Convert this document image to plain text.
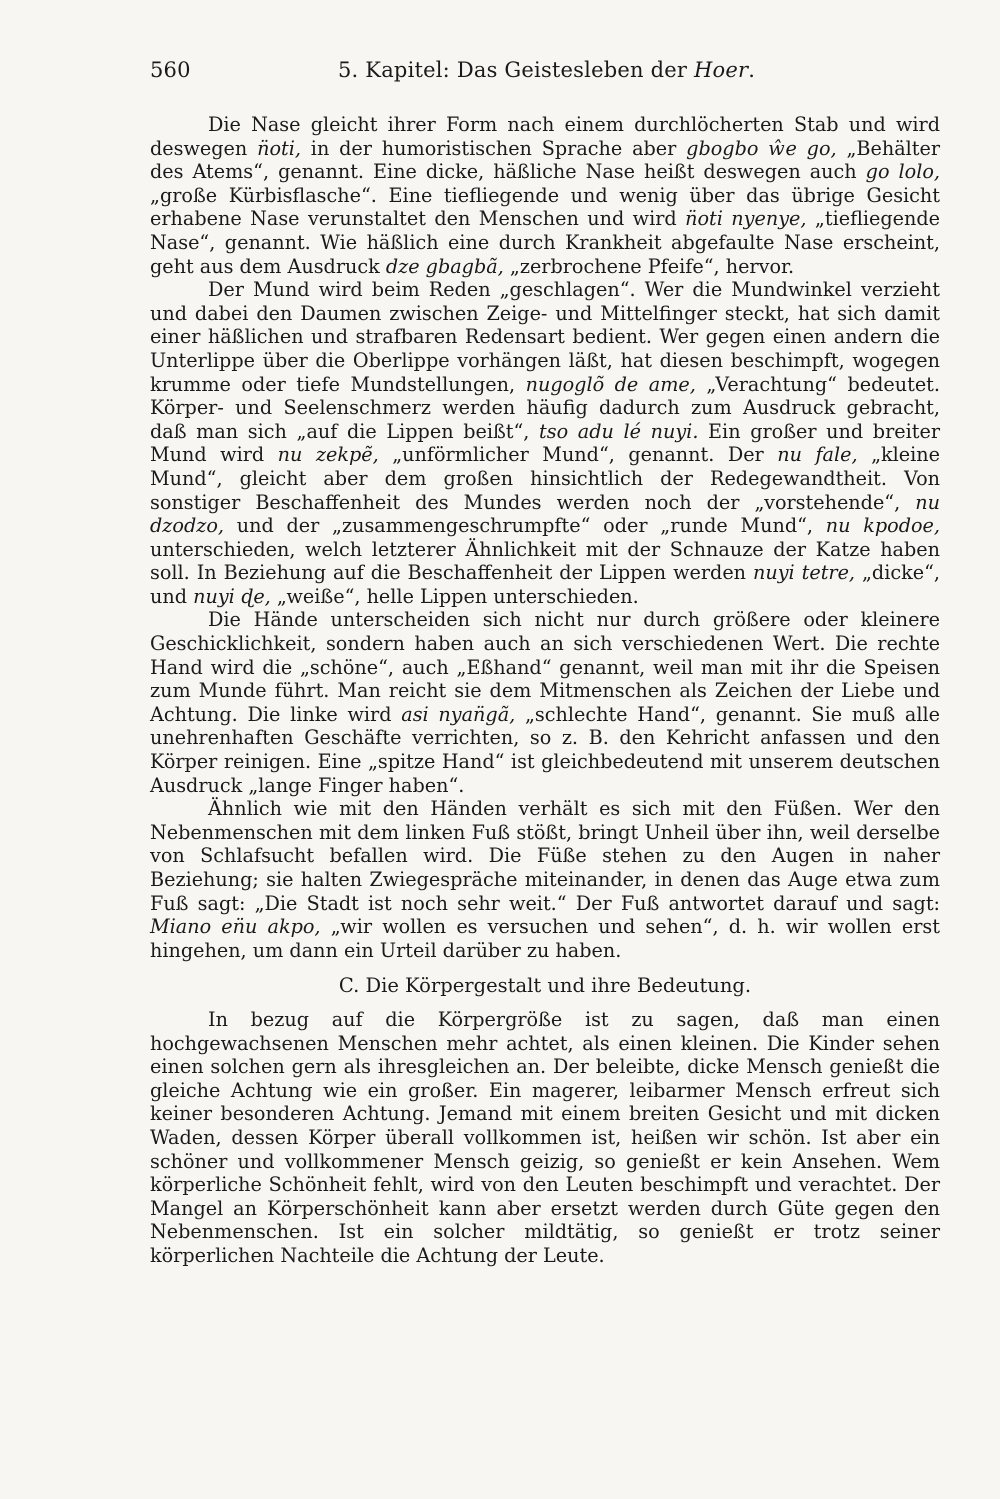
560	5. Kapitel: Das Geistesleben der Hoer.

Die Nase gleicht ihrer Form nach einem durchlöcherten Stab und wird deswegen n̈oti, in der humoristischen Sprache aber gbogbo ŵe go, „Behälter des Atems“, genannt. Eine dicke, häßliche Nase heißt deswegen auch go lolo, „große Kürbisflasche“. Eine tiefliegende und wenig über das übrige Gesicht erhabene Nase verunstaltet den Menschen und wird n̈oti nyenye, „tiefliegende Nase“, genannt. Wie häßlich eine durch Krankheit abgefaulte Nase erscheint, geht aus dem Ausdruck dze gbagbã, „zerbrochene Pfeife“, hervor.

Der Mund wird beim Reden „geschlagen“. Wer die Mundwinkel verzieht und dabei den Daumen zwischen Zeige- und Mittelfinger steckt, hat sich damit einer häßlichen und strafbaren Redensart bedient. Wer gegen einen andern die Unterlippe über die Oberlippe vorhängen läßt, hat diesen beschimpft, wogegen krumme oder tiefe Mundstellungen, nugoglõ de ame, „Verachtung“ bedeutet. Körper- und Seelenschmerz werden häufig dadurch zum Ausdruck gebracht, daß man sich „auf die Lippen beißt“, tso adu lé nuyi. Ein großer und breiter Mund wird nu zekpẽ, „unförmlicher Mund“, genannt. Der nu fale, „kleine Mund“, gleicht aber dem großen hinsichtlich der Redegewandtheit. Von sonstiger Beschaffenheit des Mundes werden noch der „vorstehende“, nu dzodzo, und der „zusammengeschrumpfte“ oder „runde Mund“, nu kpodoe, unterschieden, welch letzterer Ähnlichkeit mit der Schnauze der Katze haben soll. In Beziehung auf die Beschaffenheit der Lippen werden nuyi tetre, „dicke“, und nuyi ɖe, „weiße“, helle Lippen unterschieden.

Die Hände unterscheiden sich nicht nur durch größere oder kleinere Geschicklichkeit, sondern haben auch an sich verschiedenen Wert. Die rechte Hand wird die „schöne“, auch „Eßhand“ genannt, weil man mit ihr die Speisen zum Munde führt. Man reicht sie dem Mitmenschen als Zeichen der Liebe und Achtung. Die linke wird asi nyan̈gã, „schlechte Hand“, genannt. Sie muß alle unehrenhaften Geschäfte verrichten, so z. B. den Kehricht anfassen und den Körper reinigen. Eine „spitze Hand“ ist gleichbedeutend mit unserem deutschen Ausdruck „lange Finger haben“.

Ähnlich wie mit den Händen verhält es sich mit den Füßen. Wer den Nebenmenschen mit dem linken Fuß stößt, bringt Unheil über ihn, weil derselbe von Schlafsucht befallen wird. Die Füße stehen zu den Augen in naher Beziehung; sie halten Zwiegespräche miteinander, in denen das Auge etwa zum Fuß sagt: „Die Stadt ist noch sehr weit.“ Der Fuß antwortet darauf und sagt: Miano en̈u akpo, „wir wollen es versuchen und sehen“, d. h. wir wollen erst hingehen, um dann ein Urteil darüber zu haben.

C. Die Körpergestalt und ihre Bedeutung.

In bezug auf die Körpergröße ist zu sagen, daß man einen hochgewachsenen Menschen mehr achtet, als einen kleinen. Die Kinder sehen einen solchen gern als ihresgleichen an. Der beleibte, dicke Mensch genießt die gleiche Achtung wie ein großer. Ein magerer, leibarmer Mensch erfreut sich keiner besonderen Achtung. Jemand mit einem breiten Gesicht und mit dicken Waden, dessen Körper überall vollkommen ist, heißen wir schön. Ist aber ein schöner und vollkommener Mensch geizig, so genießt er kein Ansehen. Wem körperliche Schönheit fehlt, wird von den Leuten beschimpft und verachtet. Der Mangel an Körperschönheit kann aber ersetzt werden durch Güte gegen den Nebenmenschen. Ist ein solcher mildtätig, so genießt er trotz seiner körperlichen Nachteile die Achtung der Leute.
